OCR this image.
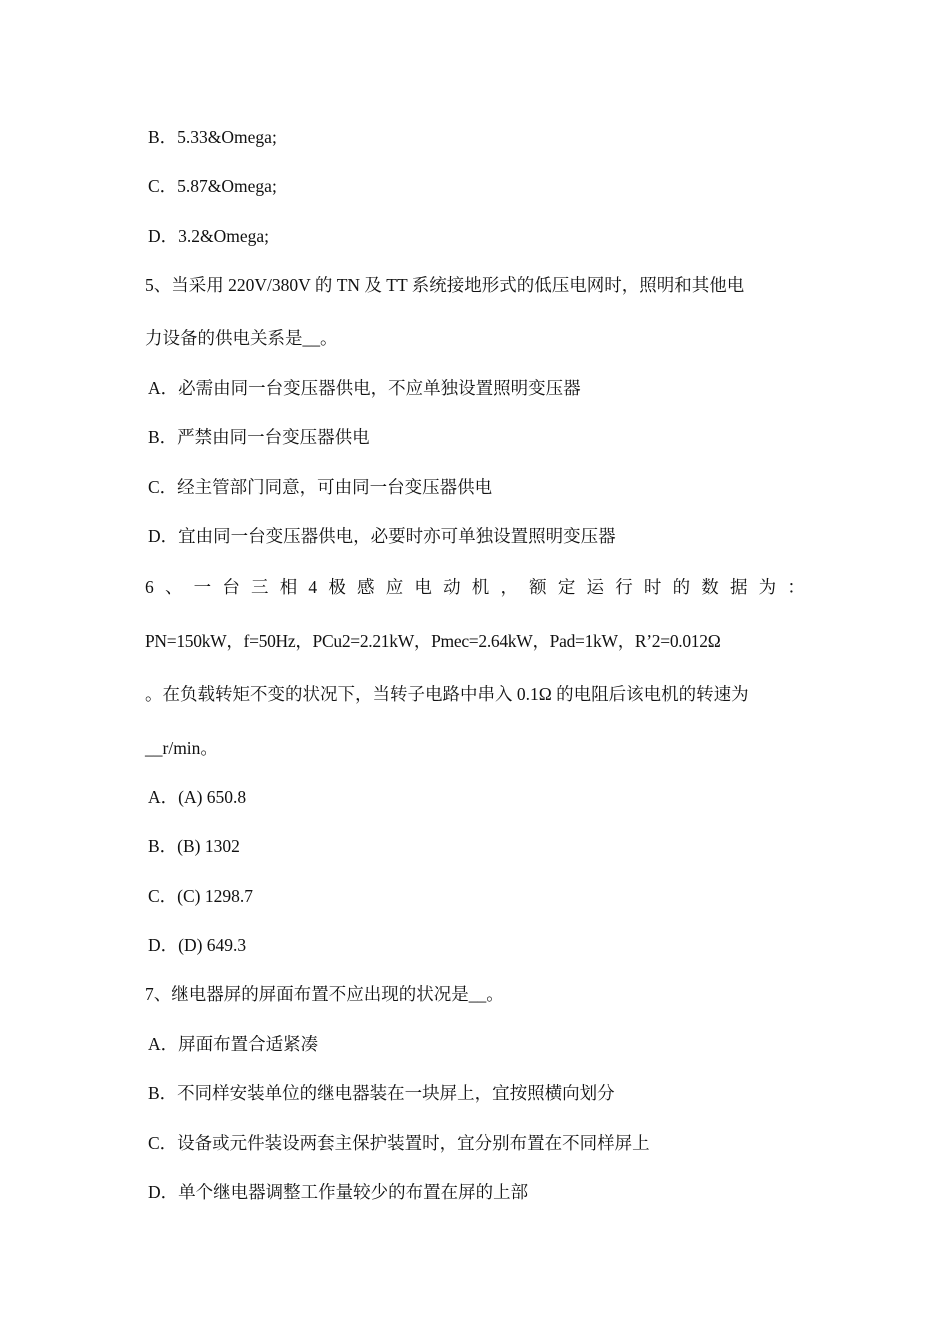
B．5.33&Omega;
C．5.87&Omega;
D．3.2&Omega;
5、当采用 220V/380V 的 TN 及 TT 系统接地形式的低压电网时，照明和其他电
力设备的供电关系是__。
A．必需由同一台变压器供电，不应单独设置照明变压器
B．严禁由同一台变压器供电
C．经主管部门同意，可由同一台变压器供电
D．宜由同一台变压器供电，必要时亦可单独设置照明变压器
6 、 一 台 三 相 4 极 感 应 电 动 机 ， 额 定 运 行 时 的 数 据 为 ：
PN=150kW，f=50Hz，PCu2=2.21kW，Pmec=2.64kW，Pad=1kW，R’2=0.012Ω
。在负载转矩不变的状况下，当转子电路中串入 0.1Ω 的电阻后该电机的转速为
__r/min。
A．(A) 650.8
B．(B) 1302
C．(C) 1298.7
D．(D) 649.3
7、继电器屏的屏面布置不应出现的状况是__。
A．屏面布置合适紧凑
B．不同样安装单位的继电器装在一块屏上，宜按照横向划分
C．设备或元件装设两套主保护装置时，宜分别布置在不同样屏上
D．单个继电器调整工作量较少的布置在屏的上部
